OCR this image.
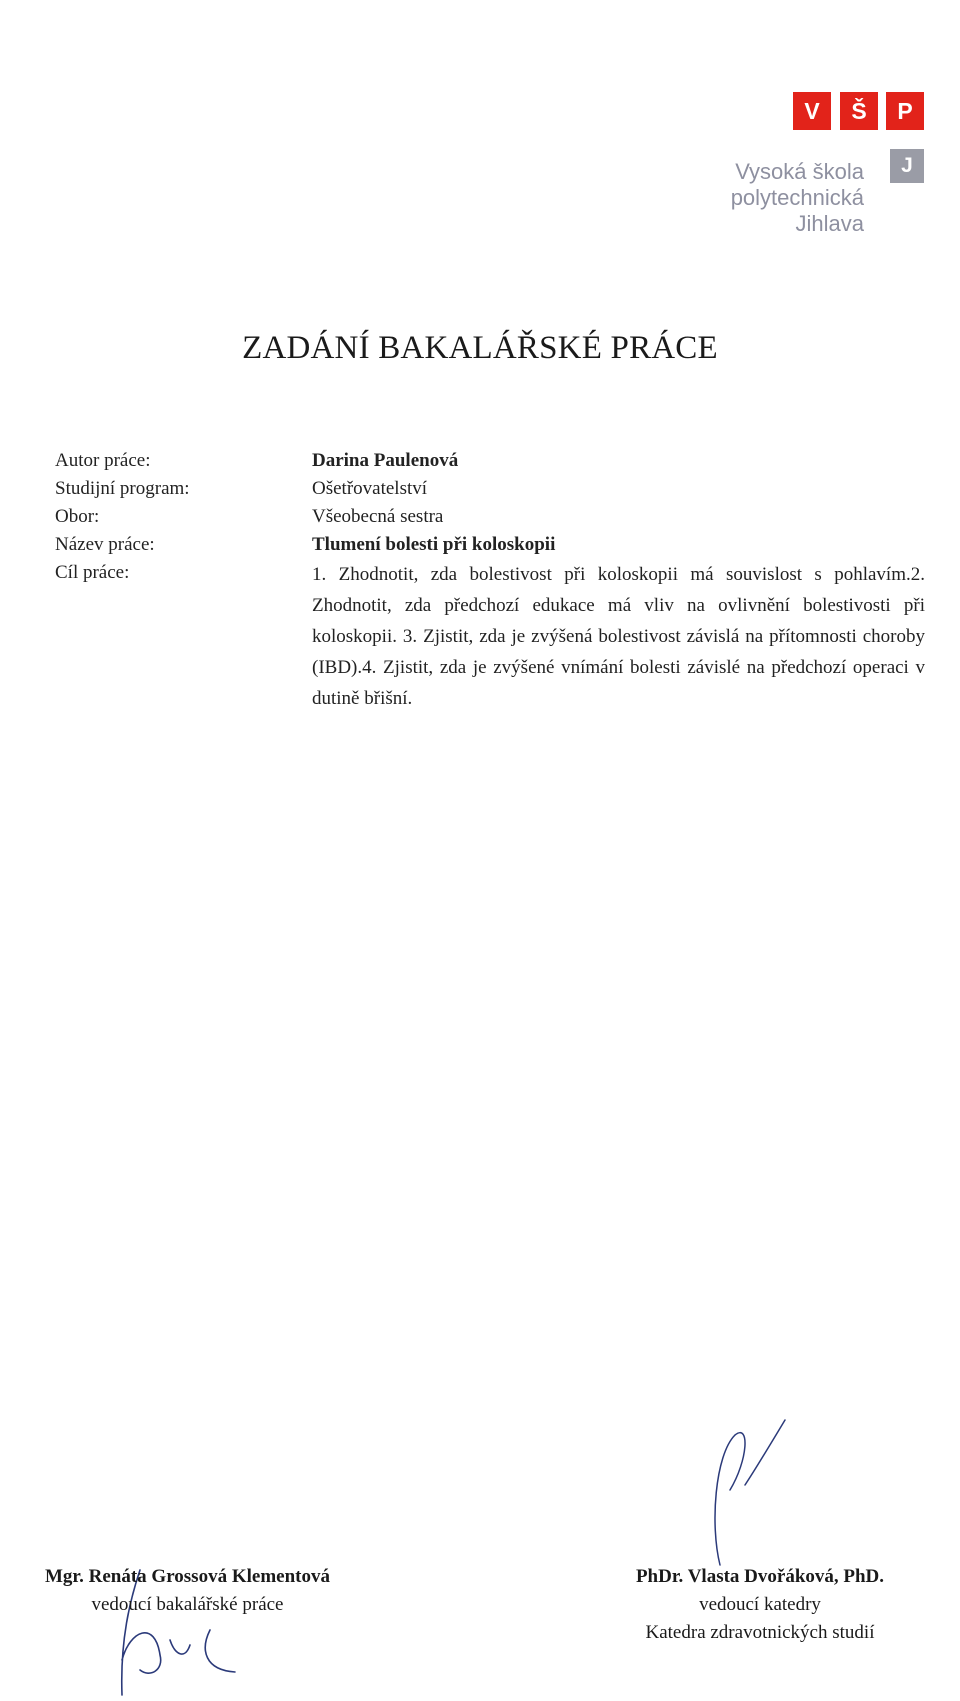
V	Š	P
J
Vysoká škola
polytechnická
Jihlava
ZADÁNÍ BAKALÁŘSKÉ PRÁCE
Autor práce:	Darina Paulenová
Studijní program:	Ošetřovatelství
Obor:	Všeobecná sestra
Název práce:	Tlumení bolesti při koloskopii
Cíl práce:	1. Zhodnotit, zda bolestivost při koloskopii má souvislost s pohlavím.2. Zhodnotit, zda předchozí edukace má vliv na ovlivnění bolestivosti při koloskopii. 3. Zjistit, zda je zvýšená bolestivost závislá na přítomnosti choroby (IBD).4. Zjistit, zda je zvýšené vnímání bolesti závislé na předchozí operaci v dutině břišní.
Mgr. Renáta Grossová Klementová
vedoucí bakalářské práce
PhDr. Vlasta Dvořáková, PhD.
vedoucí katedry
Katedra zdravotnických studií
